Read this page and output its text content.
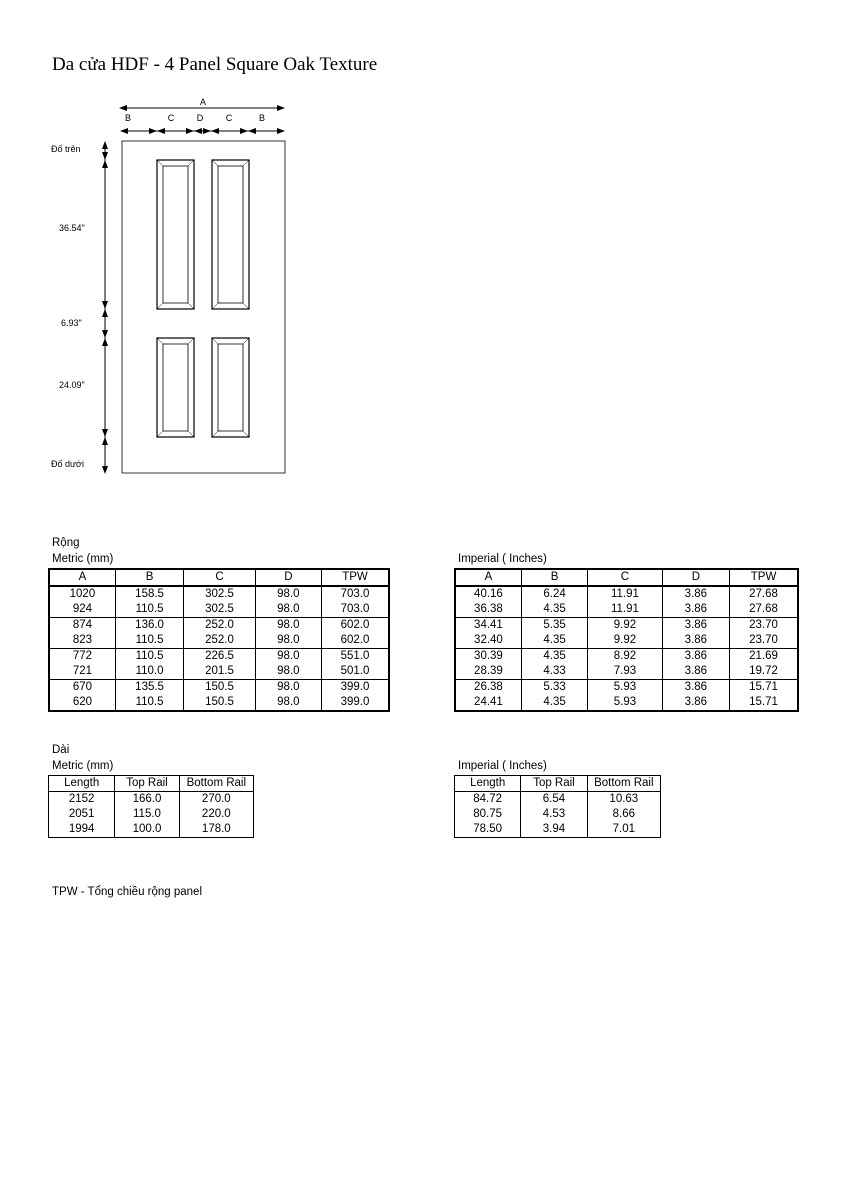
Da cửa HDF - 4 Panel Square Oak Texture
A
B	C	D	C	B
Đố trên
36.54"
6.93"
24.09"
Đố dưới
Rộng
Metric (mm)	Imperial ( Inches)
A	B	C	D	TPW
1020	158.5	302.5	98.0	703.0
924	110.5	302.5	98.0	703.0
874	136.0	252.0	98.0	602.0
823	110.5	252.0	98.0	602.0
772	110.5	226.5	98.0	551.0
721	110.0	201.5	98.0	501.0
670	135.5	150.5	98.0	399.0
620	110.5	150.5	98.0	399.0
A	B	C	D	TPW
40.16	6.24	11.91	3.86	27.68
36.38	4.35	11.91	3.86	27.68
34.41	5.35	9.92	3.86	23.70
32.40	4.35	9.92	3.86	23.70
30.39	4.35	8.92	3.86	21.69
28.39	4.33	7.93	3.86	19.72
26.38	5.33	5.93	3.86	15.71
24.41	4.35	5.93	3.86	15.71
Dài
Metric (mm)	Imperial ( Inches)
Length	Top Rail	Bottom Rail
2152	166.0	270.0
2051	115.0	220.0
1994	100.0	178.0
Length	Top Rail	Bottom Rail
84.72	6.54	10.63
80.75	4.53	8.66
78.50	3.94	7.01
TPW - Tổng chiều rộng panel
